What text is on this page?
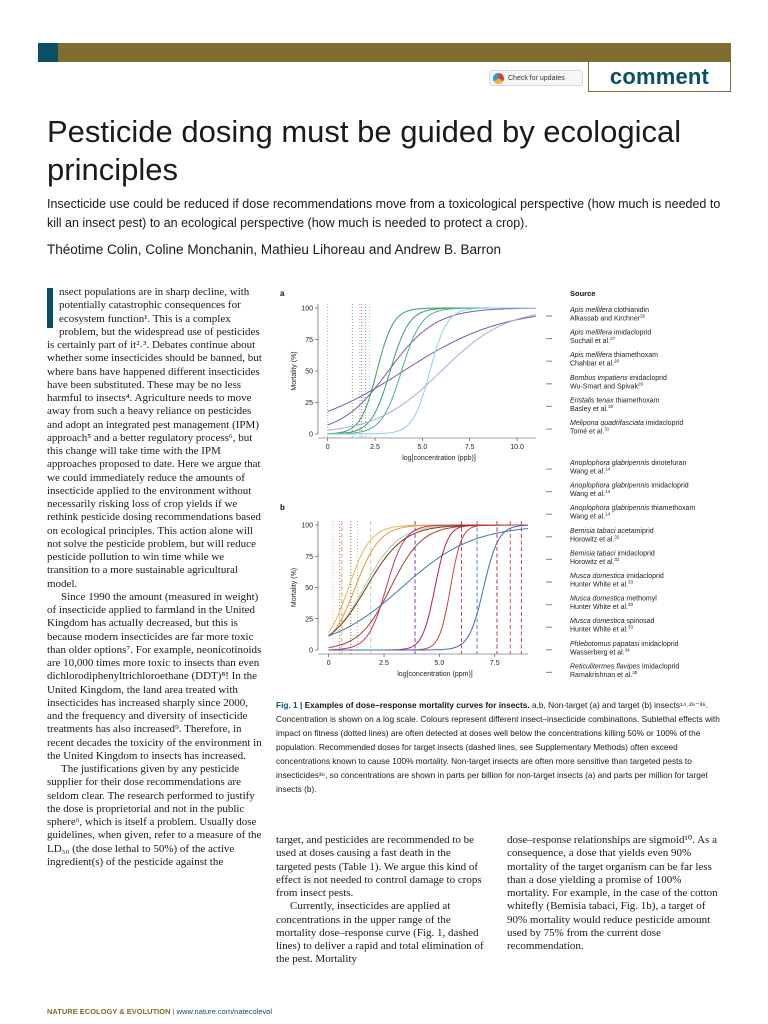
Check for updates comment
Pesticide dosing must be guided by ecological principles

Insecticide use could be reduced if dose recommendations move from a toxicological perspective (how much is needed to kill an insect pest) to an ecological perspective (how much is needed to protect a crop).

Théotime Colin, Coline Monchanin, Mathieu Lihoreau and Andrew B. Barron

nsect populations are in sharp decline, with potentially catastrophic consequences for ecosystem function¹. This is a complex problem, but the widespread use of pesticides is certainly part of it²˒³. Debates continue about whether some insecticides should be banned, but where bans have happened different insecticides have been substituted. These may be no less harmful to insects⁴. Agriculture needs to move away from such a heavy reliance on pesticides and adopt an integrated pest management (IPM) approach⁵ and a better regulatory process⁶, but this change will take time with the IPM approaches proposed to date. Here we argue that we could immediately reduce the amounts of insecticide applied to the environment without necessarily risking loss of crop yields if we rethink pesticide dosing recommendations based on ecological principles. This action alone will not solve the pesticide problem, but will reduce pesticide pollution to win time while we transition to a more sustainable agricultural model.

Since 1990 the amount (measured in weight) of insecticide applied to farmland in the United Kingdom has actually decreased, but this is because modern insecticides are far more toxic than older options⁷. For example, neonicotinoids are 10,000 times more toxic to insects than even dichlorodiphenyltrichloroethane (DDT)⁸! In the United Kingdom, the land area treated with insecticides has increased sharply since 2000, and the frequency and diversity of insecticide treatments has also increased⁹. Therefore, in recent decades the toxicity of the environment in the United Kingdom to insects has increased.

The justifications given by any pesticide supplier for their dose recommendations are seldom clear. The research performed to justify the dose is proprietorial and not in the public sphere⁶, which is itself a problem. Usually dose guidelines, when given, refer to a measure of the LD₅₀ (the dose lethal to 50%) of the active ingredient(s) of the pesticide against the

a
0
25
50
75
100
0	2.5	5.0	7.5	10.0
log[concentration (ppb)]
Mortality (%)
b
0
25
50
75
100
0	2.5	5.0	7.5
log[concentration (ppm)]
Mortality (%)
Source
Apis mellifera clothianidin
Alkassab and Kirchner$^{26}$
Apis mellifera imidacloprid
Suchail et al.$^{27}$
Apis mellifera thiamethoxam
Chahbar et al.$^{28}$
Bombus impatiens imidacloprid
Wu-Smart and Spivak$^{29}$
Eristalis tenax thiamethoxam
Basley et al.$^{30}$
Melipona quadrifasciata imidacloprid
Tomé et al.$^{31}$
Anoplophora glabripennis dinotefuran
Wang et al.$^{14}$
Anoplophora glabripennis imidacloprid
Wang et al.$^{14}$
Anoplophora glabripennis thiamethoxam
Wang et al.$^{14}$
Bemisia tabaci acetamiprid
Horowitz et al.$^{32}$
Bemisia tabaci imidacloprid
Horowitz et al.$^{32}$
Musca domestica imidacloprid
Hunter White et al.$^{33}$
Musca domestica methomyl
Hunter White et al.$^{33}$
Musca domestica spinosad
Hunter White et al.$^{33}$
Phlebotomus papatasi imidacloprid
Wasserberg et al.$^{34}$
Reticulitermes flavipes imidacloprid
Ramakrishnan et al.$^{35}$
Fig. 1 | Examples of dose–response mortality curves for insects. a,b, Non-target (a) and target (b) insects¹⁴˒²⁶⁻³⁶. Concentration is shown on a log scale. Colours represent different insect–insecticide combinations. Sublethal effects with impact on fitness (dotted lines) are often detected at doses well below the concentrations killing 50% or 100% of the population. Recommended doses for target insects (dashed lines, see Supplementary Methods) often exceed concentrations known to cause 100% mortality. Non-target insects are often more sensitive than targeted pests to insecticides³⁶, so concentrations are shown in parts per billion for non-target insects (a) and parts per million for target insects (b).

target, and pesticides are recommended to be used at doses causing a fast death in the targeted pests (Table 1). We argue this kind of effect is not needed to control damage to crops from insect pests.

Currently, insecticides are applied at concentrations in the upper range of the mortality dose–response curve (Fig. 1, dashed lines) to deliver a rapid and total elimination of the pest. Mortality

dose–response relationships are sigmoid¹⁰. As a consequence, a dose that yields even 90% mortality of the target organism can be far less than a dose yielding a promise of 100% mortality. For example, in the case of the cotton whitefly (Bemisia tabaci, Fig. 1b), a target of 90% mortality would reduce pesticide amount used by 75% from the current dose recommendation.

NATURE ECOLOGY & EVOLUTION | www.nature.com/natecolevol
